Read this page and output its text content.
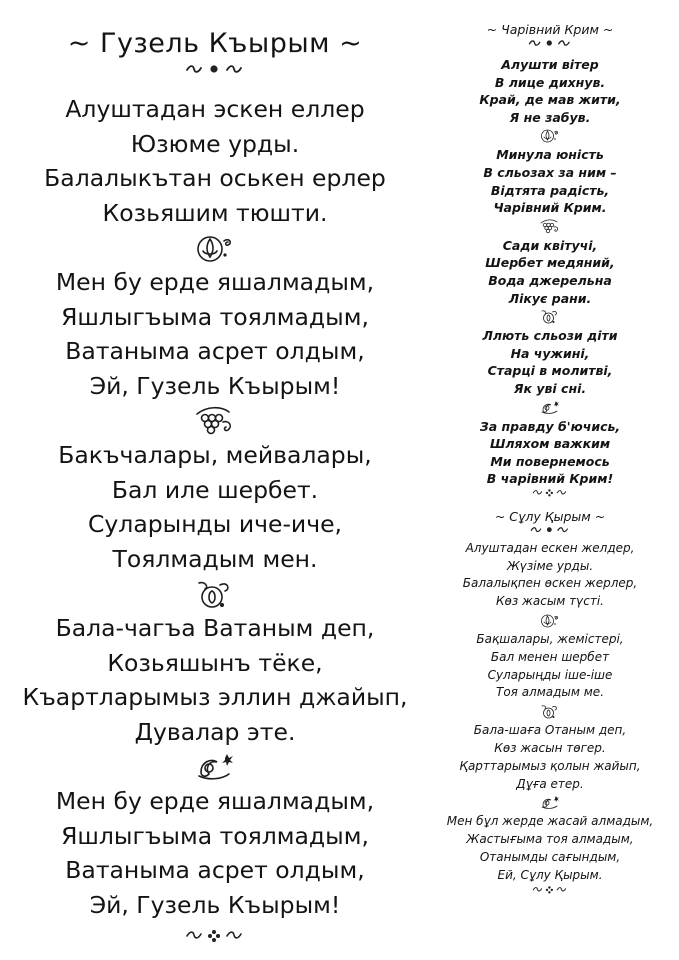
~ Гузель Къырым ~
Алуштадан эскен еллер
Юзюме урды.
Балалыкътан оськен ерлер
Козьяшим тюшти.
Мен бу ерде яшалмадым,
Яшлыгъыма тоялмадым,
Ватаныма асрет олдым,
Эй, Гузель Къырым!
Бакъчалары, мейвалары,
Бал иле шербет.
Суларынды иче-иче,
Тоялмадым мен.
Бала-чагъа Ватаным деп,
Козьяшынъ тёке,
Къартларымыз эллин джайып,
Дувалар эте.
Мен бу ерде яшалмадым,
Яшлыгъыма тоялмадым,
Ватаныма асрет олдым,
Эй, Гузель Къырым!
~ Чарівний Крим ~
Алушти вітер
В лице дихнув.
Край, де мав жити,
Я не забув.
Минула юність
В сльозах за ним –
Відтята радість,
Чарівний Крим.
Сади квітучі,
Шербет медяний,
Вода джерельна
Лікує рани.
Ллють сльози діти
На чужині,
Старці в молитві,
Як уві сні.
За правду б'ючись,
Шляхом важким
Ми повернемось
В чарівний Крим!
~ Сұлу Қырым ~
Алуштадан ескен желдер,
Жүзіме урды.
Балалықпен өскен жерлер,
Көз жасым түсті.
Бақшалары, жемістері,
Бал менен шербет
Суларыңды іше-іше
Тоя алмадым ме.
Бала-шаға Отаным деп,
Көз жасын төгер.
Қарттарымыз қолын жайып,
Дұға етер.
Мен бұл жерде жасай алмадым,
Жастығыма тоя алмадым,
Отанымды сағындым,
Ей, Сұлу Қырым.
